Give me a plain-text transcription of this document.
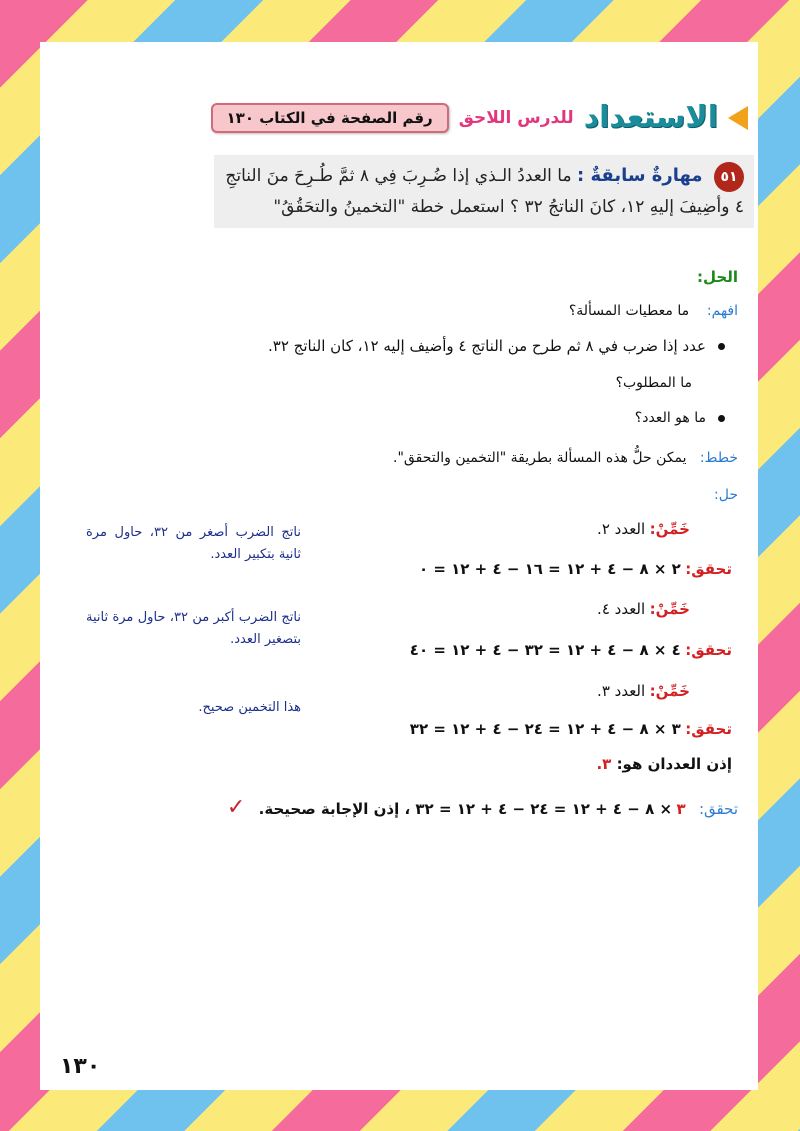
الاستعداد
للدرس اللاحق
رقم الصفحة في الكتاب ١٣٠
٥١ مهارةٌ سابقةٌ : ما العددُ الـذي إذا ضُـرِبَ فِي ٨ ثمَّ طُـرِحَ منَ الناتجِ ٤ وأضِيفَ إليهِ ١٢، كانَ الناتجُ ٣٢ ؟ استعمل خطة "التخمينُ والتحَقُقُ"
الحل:
افهم:    ما معطيات المسألة؟
عدد إذا ضرب في ٨ ثم طرح من الناتج ٤ وأضيف إليه ١٢، كان الناتج ٣٢.
ما المطلوب؟
ما هو العدد؟
خطط:   يمكن حلُّ هذه المسألة بطريقة "التخمين والتحقق".
حل:
خَمِّنْ: العدد ٢.
تحقق: ٢ × ٨ − ٤ + ١٢ = ١٦ − ٤ + ١٢ = ٠
ناتج الضرب أصغر من ٣٢، حاول مرة ثانية بتكبير العدد.
خَمِّنْ: العدد ٤.
تحقق: ٤ × ٨ − ٤ + ١٢ = ٣٢ − ٤ + ١٢ = ٤٠
ناتج الضرب أكبر من ٣٢، حاول مرة ثانية بتصغير العدد.
خَمِّنْ: العدد ٣.
تحقق: ٣ × ٨ − ٤ + ١٢ = ٢٤ − ٤ + ١٢ = ٣٢
هذا التخمين صحيح.
إذن العددان هو: ٣.
تحقق:   ٣ × ٨ − ٤ + ١٢ = ٢٤ − ٤ + ١٢ = ٣٢ ، إذن الإجابة صحيحة.   ✓
١٣٠
